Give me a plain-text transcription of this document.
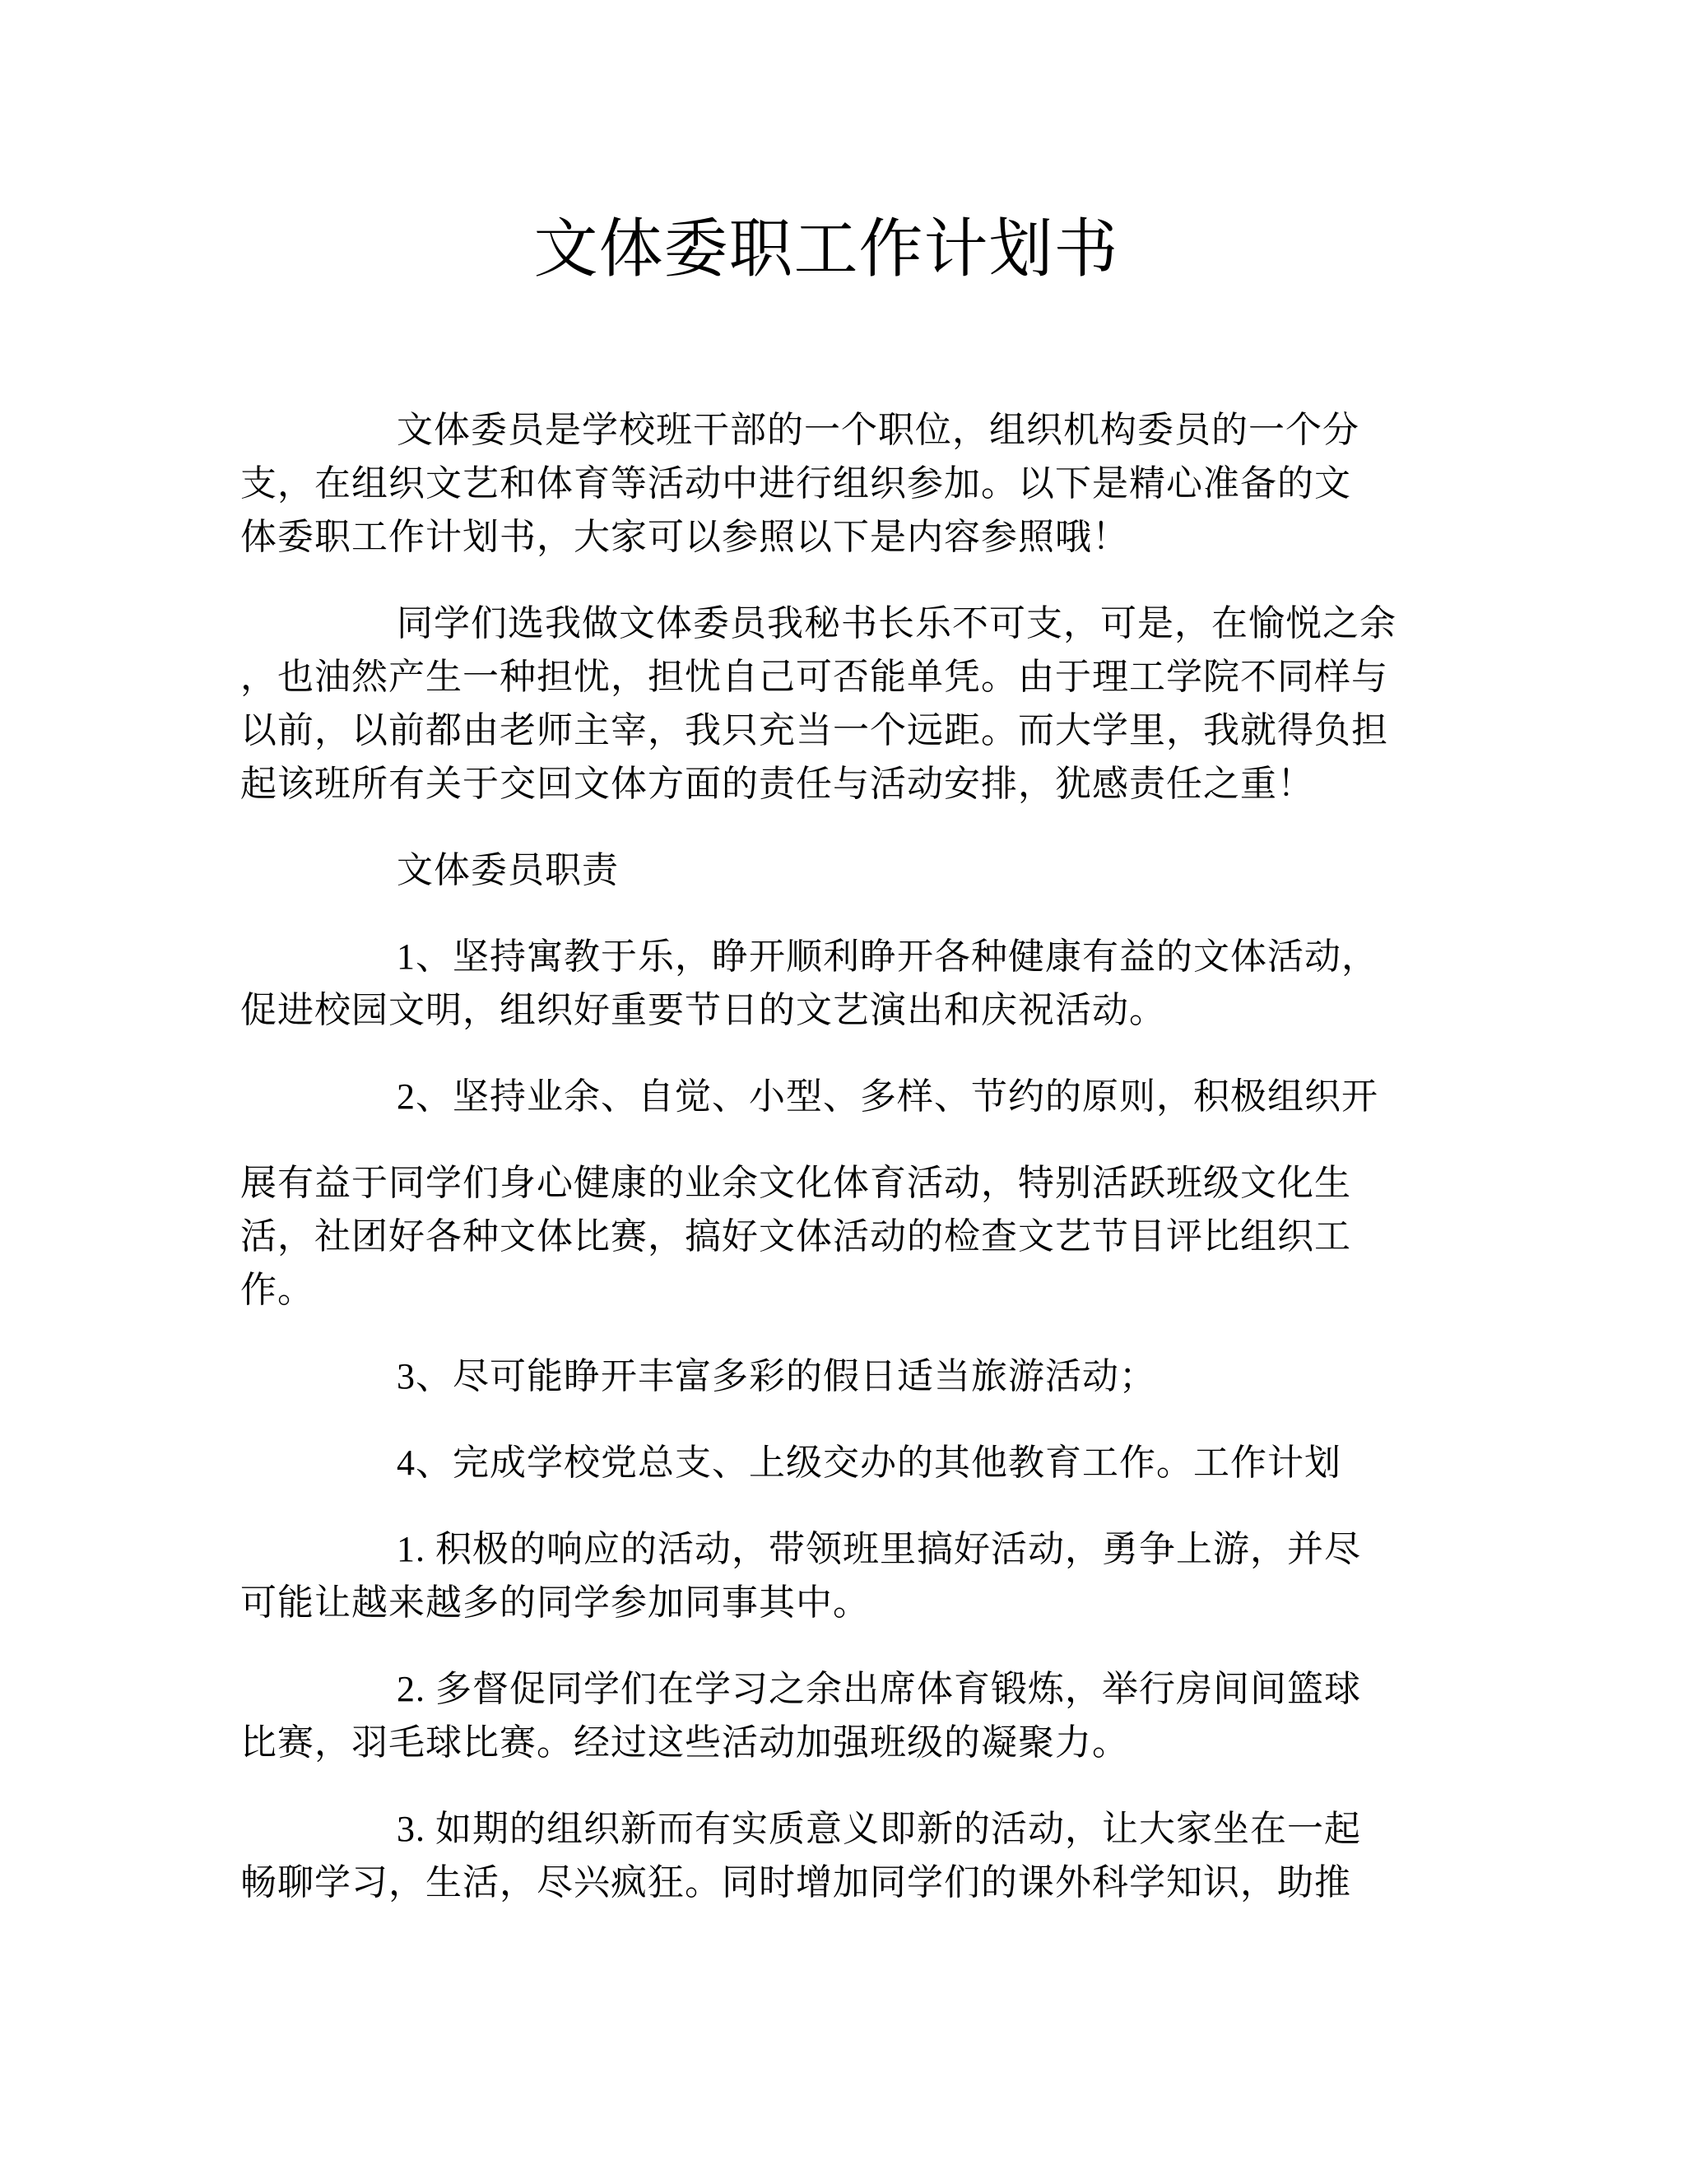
文体委职工作计划书
文体委员是学校班干部的一个职位，组织机构委员的一个分
支，在组织文艺和体育等活动中进行组织参加。以下是精心准备的文
体委职工作计划书，大家可以参照以下是内容参照哦！
同学们选我做文体委员我秘书长乐不可支，可是，在愉悦之余
，也油然产生一种担忧，担忧自己可否能单凭。由于理工学院不同样与
以前，以前都由老师主宰，我只充当一个远距。而大学里，我就得负担
起该班所有关于交回文体方面的责任与活动安排，犹感责任之重！
文体委员职责
1、坚持寓教于乐，睁开顺利睁开各种健康有益的文体活动，
促进校园文明，组织好重要节日的文艺演出和庆祝活动。
2、坚持业余、自觉、小型、多样、节约的原则，积极组织开
展有益于同学们身心健康的业余文化体育活动，特别活跃班级文化生
活，社团好各种文体比赛，搞好文体活动的检查文艺节目评比组织工
作。
3、尽可能睁开丰富多彩的假日适当旅游活动；
4、完成学校党总支、上级交办的其他教育工作。工作计划
1. 积极的响应的活动，带领班里搞好活动，勇争上游，并尽
可能让越来越多的同学参加同事其中。
2. 多督促同学们在学习之余出席体育锻炼，举行房间间篮球
比赛，羽毛球比赛。经过这些活动加强班级的凝聚力。
3. 如期的组织新而有实质意义即新的活动，让大家坐在一起
畅聊学习，生活，尽兴疯狂。同时增加同学们的课外科学知识，助推
